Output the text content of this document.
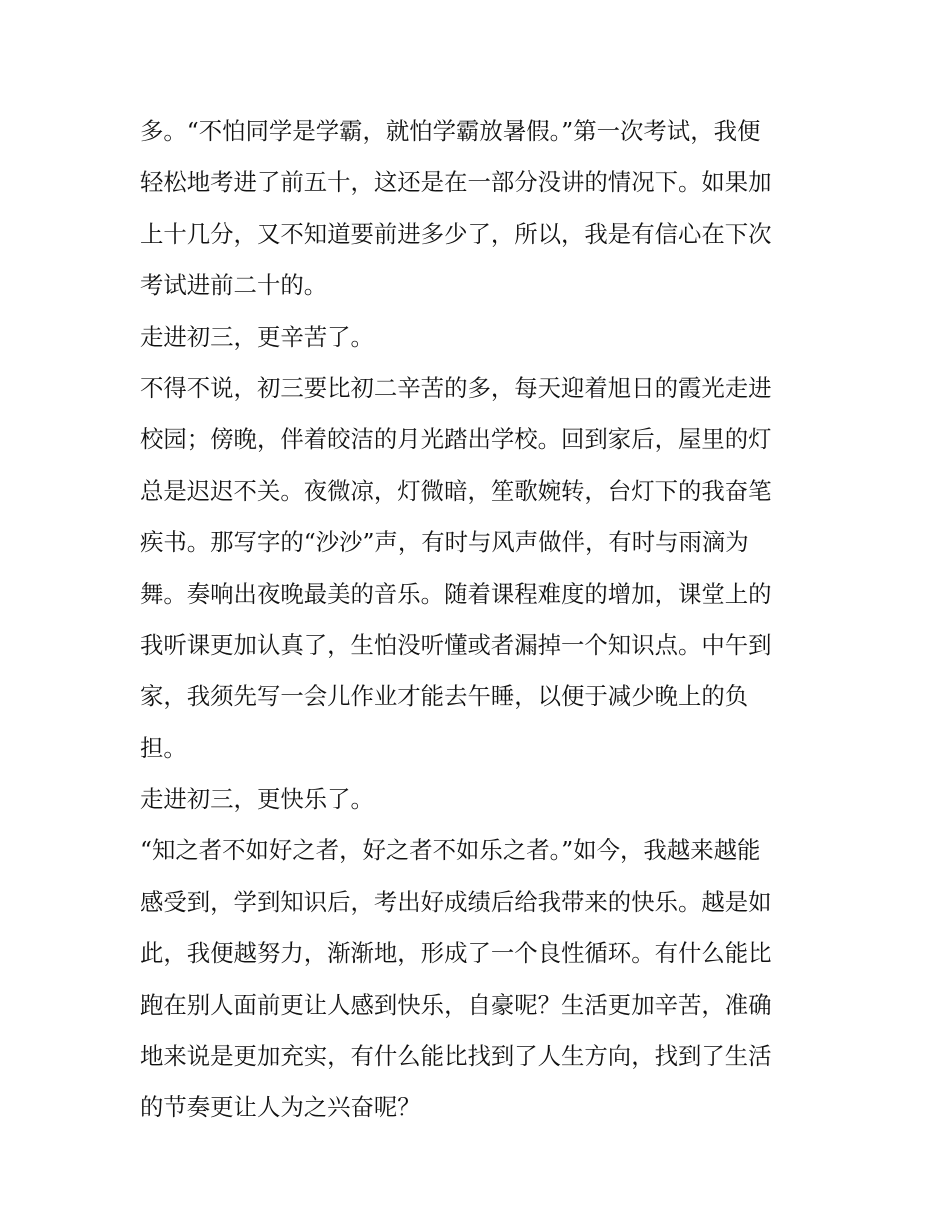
多。“不怕同学是学霸，就怕学霸放暑假。”第一次考试，我便
轻松地考进了前五十，这还是在一部分没讲的情况下。如果加
上十几分，又不知道要前进多少了，所以，我是有信心在下次
考试进前二十的。
走进初三，更辛苦了。
不得不说，初三要比初二辛苦的多，每天迎着旭日的霞光走进
校园；傍晚，伴着皎洁的月光踏出学校。回到家后，屋里的灯
总是迟迟不关。夜微凉，灯微暗，笙歌婉转，台灯下的我奋笔
疾书。那写字的“沙沙”声，有时与风声做伴，有时与雨滴为
舞。奏响出夜晚最美的音乐。随着课程难度的增加，课堂上的
我听课更加认真了，生怕没听懂或者漏掉一个知识点。中午到
家，我须先写一会儿作业才能去午睡，以便于减少晚上的负
担。
走进初三，更快乐了。
“知之者不如好之者，好之者不如乐之者。”如今，我越来越能
感受到，学到知识后，考出好成绩后给我带来的快乐。越是如
此，我便越努力，渐渐地，形成了一个良性循环。有什么能比
跑在别人面前更让人感到快乐，自豪呢？生活更加辛苦，准确
地来说是更加充实，有什么能比找到了人生方向，找到了生活
的节奏更让人为之兴奋呢？
